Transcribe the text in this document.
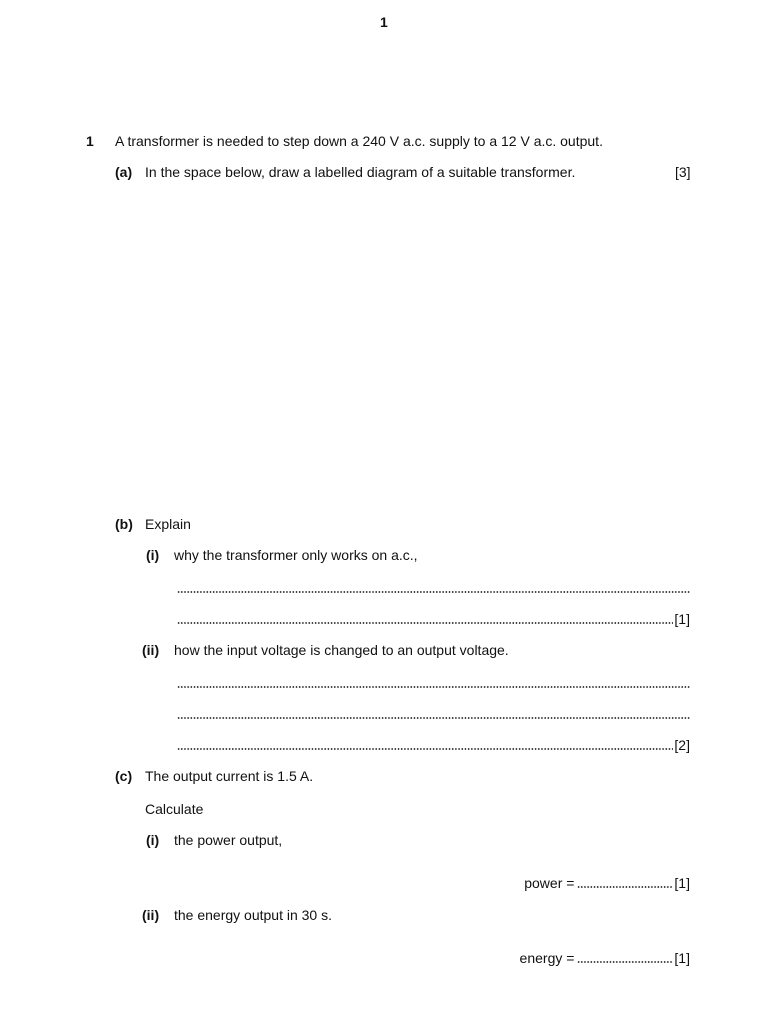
1
1 A transformer is needed to step down a 240 V a.c. supply to a 12 V a.c. output.
(a) In the space below, draw a labelled diagram of a suitable transformer.	[3]
(b) Explain
(i) why the transformer only works on a.c.,
[1]
(ii) how the input voltage is changed to an output voltage.
[2]
(c) The output current is 1.5 A.
Calculate
(i) the power output,
power =	[1]
(ii) the energy output in 30 s.
energy =	[1]
